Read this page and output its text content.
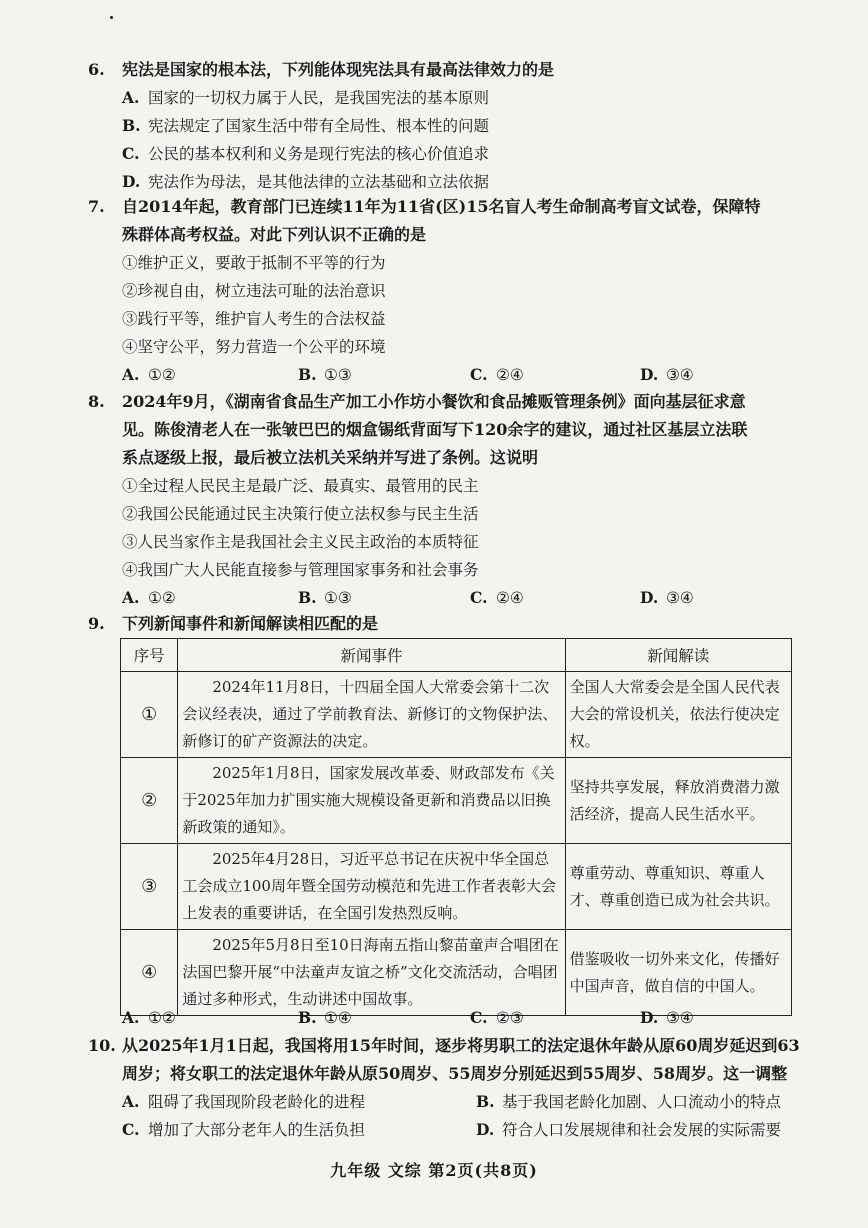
6. 宪法是国家的根本法，下列能体现宪法具有最高法律效力的是
A. 国家的一切权力属于人民，是我国宪法的基本原则
B. 宪法规定了国家生活中带有全局性、根本性的问题
C. 公民的基本权利和义务是现行宪法的核心价值追求
D. 宪法作为母法，是其他法律的立法基础和立法依据
7. 自2014年起，教育部门已连续11年为11省(区)15名盲人考生命制高考盲文试卷，保障特
殊群体高考权益。对此下列认识不正确的是
①维护正义，要敢于抵制不平等的行为
②珍视自由，树立违法可耻的法治意识
③践行平等，维护盲人考生的合法权益
④坚守公平，努力营造一个公平的环境
A. ①②	B. ①③	C. ②④	D. ③④
8. 2024年9月，《湖南省食品生产加工小作坊小餐饮和食品摊贩管理条例》面向基层征求意
见。陈俊清老人在一张皱巴巴的烟盒锡纸背面写下120余字的建议，通过社区基层立法联
系点逐级上报，最后被立法机关采纳并写进了条例。这说明
①全过程人民民主是最广泛、最真实、最管用的民主
②我国公民能通过民主决策行使立法权参与民主生活
③人民当家作主是我国社会主义民主政治的本质特征
④我国广大人民能直接参与管理国家事务和社会事务
A. ①②	B. ①③	C. ②④	D. ③④
9. 下列新闻事件和新闻解读相匹配的是
序号	新闻事件	新闻解读
①	2024年11月8日，十四届全国人大常委会第十二次会议经表决，通过了学前教育法、新修订的文物保护法、新修订的矿产资源法的决定。	全国人大常委会是全国人民代表大会的常设机关，依法行使决定权。
②	2025年1月8日，国家发展改革委、财政部发布《关于2025年加力扩围实施大规模设备更新和消费品以旧换新政策的通知》。	坚持共享发展，释放消费潜力激活经济，提高人民生活水平。
③	2025年4月28日，习近平总书记在庆祝中华全国总工会成立100周年暨全国劳动模范和先进工作者表彰大会上发表的重要讲话，在全国引发热烈反响。	尊重劳动、尊重知识、尊重人才、尊重创造已成为社会共识。
④	2025年5月8日至10日海南五指山黎苗童声合唱团在法国巴黎开展“中法童声友谊之桥”文化交流活动，合唱团通过多种形式，生动讲述中国故事。	借鉴吸收一切外来文化，传播好中国声音，做自信的中国人。
A. ①②	B. ①④	C. ②③	D. ③④
10. 从2025年1月1日起，我国将用15年时间，逐步将男职工的法定退休年龄从原60周岁延迟到63
周岁；将女职工的法定退休年龄从原50周岁、55周岁分别延迟到55周岁、58周岁。这一调整
A. 阻碍了我国现阶段老龄化的进程	B. 基于我国老龄化加剧、人口流动小的特点
C. 增加了大部分老年人的生活负担	D. 符合人口发展规律和社会发展的实际需要
九年级 文综 第2页(共8页)
